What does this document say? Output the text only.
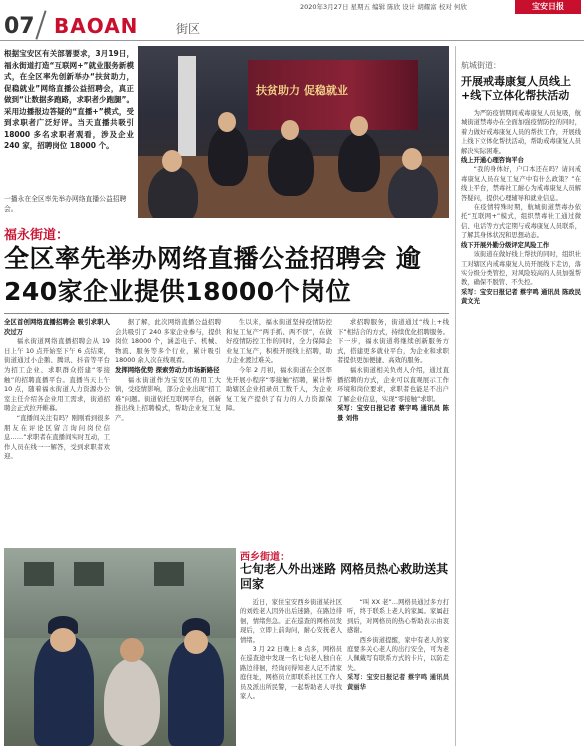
07 BAOAN	街区
2020年3月27日 星期五 编辑 陈欣 设计 胡耀富 校对 何欣	宝安日报
根据宝安区有关部署要求，3月19日，福永街道打造“互联网+”就业服务新模式，在全区率先创新举办“扶贫助力，促稳就业”网络直播公益招聘会，真正做到“让数据多跑路，求职者少跑腿”。采用边播报边答疑的“直播+”模式，受到求职者广泛好评。当天直播共吸引 18000 多名求职者观看，涉及企业 240 家，招聘岗位 18000 个。
扶贫助力 促稳就业
一播永在全区率先举办网络直播公益招聘会。
福永街道：
全区率先举办网络直播公益招聘会 逾240家企业提供18000个岗位
全区首创网络直播招聘会 吸引求职人次过万

福永街道网络直播招聘会从 19 日上午 10 点开始至下午 6 点结束，街道通过小企鹅、腾讯、抖音等平台为招工企业、求职群众搭建“零接触”的招聘直播平台。直播当天上午 10 点，随着福永街道人力资源办公室主任介绍各企业用工需求，街道招聘会正式拉开帷幕。

“直播间关注有吗？刚刚看到很多朋友在评论区留言询问岗位信息……”求职者在直播间实时互动，工作人员在线一一解答，受到求职者欢迎。

据了解，此次网络直播公益招聘会共吸引了 240 多家企业参与，提供岗位 18000 个，涵盖电子、机械、物流、服务等多个行业，累计吸引 18000 余人次在线观看。

发挥网络优势 探索劳动力市场新路径

福永街道作为宝安区的用工大镇，受疫情影响，部分企业出现“招工难”问题。街道依托互联网平台，创新推出线上招聘模式，帮助企业复工复产。

生以来，福永街道坚持疫情防控和复工复产“两手抓、两不误”，在做好疫情防控工作的同时，全力保障企业复工复产，积极开展线上招聘，助力企业渡过难关。

今年 2 月初，福永街道在全区率先开展小程序“零接触”招聘，累计帮助辖区企业招录员工数千人，为企业复工复产提供了有力的人力资源保障。

求招聘服务，街道通过“线上+线下”相结合的方式，持续优化招聘服务。下一步，福永街道将继续创新服务方式，搭建更多就业平台，为企业和求职者提供更加便捷、高效的服务。

福永街道相关负责人介绍，通过直播招聘的方式，企业可以直观展示工作环境和岗位要求，求职者也能足不出户了解企业信息，实现“零接触”求职。

采写：宝安日报记者 蔡宇鸣 通讯员 陈景 刘伟
西乡街道：
七旬老人外出迷路 网格员热心救助送其回家

近日，家住宝安西乡街道某社区的刘姓老人因外出后迷路，在路边徘徊，情绪焦急。正在巡查的网格员发现后，立即上前询问，耐心安抚老人情绪。

3 月 22 日晚上 8 点多，网格员在巡查途中发现一名七旬老人独自在路边徘徊，经询问得知老人记不清家庭住址，网格员立即联系社区工作人员及派出所民警，一起帮助老人寻找家人。

“叫 XX 老”…网格员通过多方打听，终于联系上老人的家属。家属赶到后，对网格员的热心帮助表示由衷感谢。

西乡街道提醒，家中有老人的家庭要多关心老人的出行安全，可为老人佩戴写有联系方式的卡片，以防走失。

采写：宝安日报记者 蔡宇鸣 通讯员 黄丽华

航城街道：
开展戒毒康复人员线上+线下立体化帮扶活动

为严防疫情期间戒毒康复人员复吸，航城街道禁毒办在全面加强疫情防控的同时，着力做好戒毒康复人员的帮扶工作，开展线上线下立体化帮扶活动，帮助戒毒康复人员解决实际困难。

线上开通心理咨询平台

“我的身体好，户口本还在吗？请问戒毒康复人员在复工复产中有什么政策？”在线上平台，禁毒社工耐心为戒毒康复人员解答疑问，提供心理辅导和就业信息。

在疫情特殊时期，航城街道禁毒办依托“互联网+”模式，组织禁毒社工通过微信、电话等方式定期与戒毒康复人员联系，了解其身体状况和思想动态。

线下开展外勤分级评定风险工作

该街道在做好线上帮扶的同时，组织社工对辖区内戒毒康复人员开展线下走访，落实分级分类管控，对风险较高的人员加强帮教，确保不脱管、不失控。

采写：宝安日报记者 蔡宇鸣 通讯员 陈政民 黄文光
